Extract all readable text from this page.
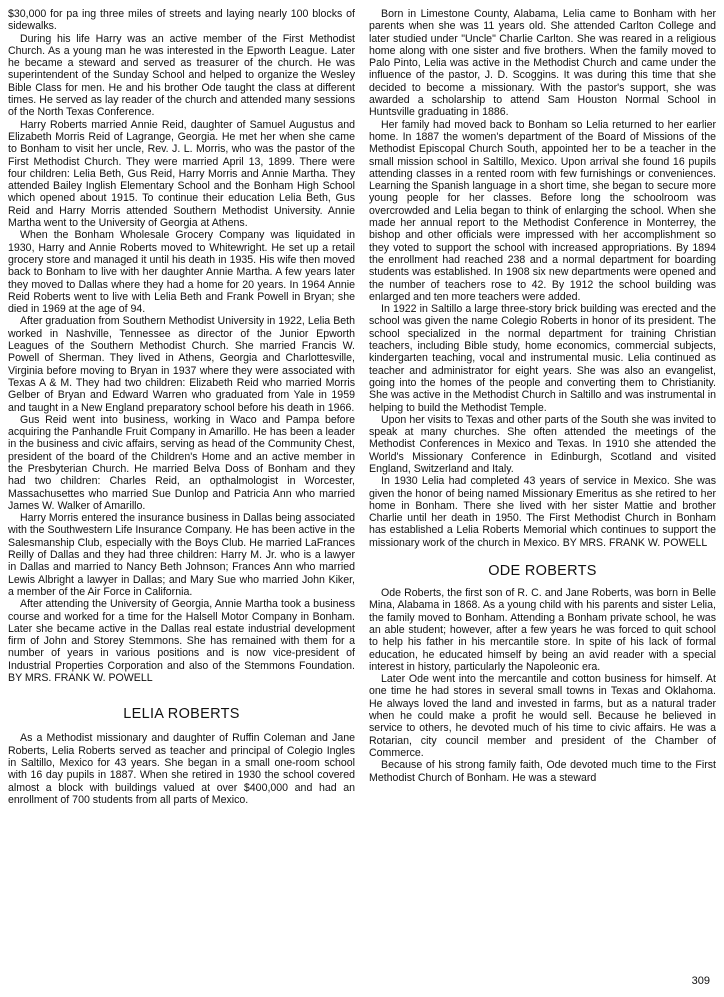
$30,000 for pa ing three miles of streets and laying nearly 100 blocks of sidewalks.

During his life Harry was an active member of the First Methodist Church. As a young man he was interested in the Epworth League. Later he became a steward and served as treasurer of the church. He was superintendent of the Sunday School and helped to organize the Wesley Bible Class for men. He and his brother Ode taught the class at different times. He served as lay reader of the church and attended many sessions of the North Texas Conference.

Harry Roberts married Annie Reid, daughter of Samuel Augustus and Elizabeth Morris Reid of Lagrange, Georgia. He met her when she came to Bonham to visit her uncle, Rev. J. L. Morris, who was the pastor of the First Methodist Church. They were married April 13, 1899. There were four children: Lelia Beth, Gus Reid, Harry Morris and Annie Martha. They attended Bailey Inglish Elementary School and the Bonham High School which opened about 1915. To continue their education Lelia Beth, Gus Reid and Harry Morris attended Southern Methodist University. Annie Martha went to the University of Georgia at Athens.

When the Bonham Wholesale Grocery Company was liquidated in 1930, Harry and Annie Roberts moved to Whitewright. He set up a retail grocery store and managed it until his death in 1935. His wife then moved back to Bonham to live with her daughter Annie Martha. A few years later they moved to Dallas where they had a home for 20 years. In 1964 Annie Reid Roberts went to live with Lelia Beth and Frank Powell in Bryan; she died in 1969 at the age of 94.

After graduation from Southern Methodist University in 1922, Lelia Beth worked in Nashville, Tennessee as director of the Junior Epworth Leagues of the Southern Methodist Church. She married Francis W. Powell of Sherman. They lived in Athens, Georgia and Charlottesville, Virginia before moving to Bryan in 1937 where they were associated with Texas A & M. They had two children: Elizabeth Reid who married Morris Gelber of Bryan and Edward Warren who graduated from Yale in 1959 and taught in a New England preparatory school before his death in 1966.

Gus Reid went into business, working in Waco and Pampa before acquiring the Panhandle Fruit Company in Amarillo. He has been a leader in the business and civic affairs, serving as head of the Community Chest, president of the board of the Children's Home and an active member in the Presbyterian Church. He married Belva Doss of Bonham and they had two children: Charles Reid, an opthalmologist in Worcester, Massachusettes who married Sue Dunlop and Patricia Ann who married James W. Walker of Amarillo.

Harry Morris entered the insurance business in Dallas being associated with the Southwestern Life Insurance Company. He has been active in the Salesmanship Club, especially with the Boys Club. He married LaFrances Reilly of Dallas and they had three children: Harry M. Jr. who is a lawyer in Dallas and married to Nancy Beth Johnson; Frances Ann who married Lewis Albright a lawyer in Dallas; and Mary Sue who married John Kiker, a member of the Air Force in California.

After attending the University of Georgia, Annie Martha took a business course and worked for a time for the Halsell Motor Company in Bonham. Later she became active in the Dallas real estate industrial development firm of John and Storey Stemmons. She has remained with them for a number of years in various positions and is now vice-president of Industrial Properties Corporation and also of the Stemmons Foundation. BY MRS. FRANK W. POWELL

LELIA ROBERTS

As a Methodist missionary and daughter of Ruffin Coleman and Jane Roberts, Lelia Roberts served as teacher and principal of Colegio Ingles in Saltillo, Mexico for 43 years. She began in a small one-room school with 16 day pupils in 1887. When she retired in 1930 the school covered almost a block with buildings valued at over $400,000 and had an enrollment of 700 students from all parts of Mexico.

Born in Limestone County, Alabama, Lelia came to Bonham with her parents when she was 11 years old. She attended Carlton College and later studied under "Uncle" Charlie Carlton. She was reared in a religious home along with one sister and five brothers. When the family moved to Palo Pinto, Lelia was active in the Methodist Church and came under the influence of the pastor, J. D. Scoggins. It was during this time that she decided to become a missionary. With the pastor's support, she was awarded a scholarship to attend Sam Houston Normal School in Huntsville graduating in 1886.

Her family had moved back to Bonham so Lelia returned to her earlier home. In 1887 the women's department of the Board of Missions of the Methodist Episcopal Church South, appointed her to be a teacher in the small mission school in Saltillo, Mexico. Upon arrival she found 16 pupils attending classes in a rented room with few furnishings or conveniences. Learning the Spanish language in a short time, she began to secure more young people for her classes. Before long the schoolroom was overcrowded and Lelia began to think of enlarging the school. When she made her annual report to the Methodist Conference in Monterrey, the bishop and other officials were impressed with her accomplishment so they voted to support the school with increased appropriations. By 1894 the enrollment had reached 238 and a normal department for boarding students was established. In 1908 six new departments were opened and the number of teachers rose to 42. By 1912 the school building was enlarged and ten more teachers were added.

In 1922 in Saltillo a large three-story brick building was erected and the school was given the name Colegio Roberts in honor of its president. The school specialized in the normal department for training Christian teachers, including Bible study, home economics, commercial subjects, kindergarten teaching, vocal and instrumental music. Lelia continued as teacher and administrator for eight years. She was also an evangelist, going into the homes of the people and converting them to Christianity. She was active in the Methodist Church in Saltillo and was instrumental in helping to build the Methodist Temple.

Upon her visits to Texas and other parts of the South she was invited to speak at many churches. She often attended the meetings of the Methodist Conferences in Mexico and Texas. In 1910 she attended the World's Missionary Conference in Edinburgh, Scotland and visited England, Switzerland and Italy.

In 1930 Lelia had completed 43 years of service in Mexico. She was given the honor of being named Missionary Emeritus as she retired to her home in Bonham. There she lived with her sister Mattie and brother Charlie until her death in 1950. The First Methodist Church in Bonham has established a Lelia Roberts Memorial which continues to support the missionary work of the church in Mexico. BY MRS. FRANK W. POWELL

ODE ROBERTS

Ode Roberts, the first son of R. C. and Jane Roberts, was born in Belle Mina, Alabama in 1868. As a young child with his parents and sister Lelia, the family moved to Bonham. Attending a Bonham private school, he was an able student; however, after a few years he was forced to quit school to help his father in his mercantile store. In spite of his lack of formal education, he educated himself by being an avid reader with a special interest in history, particularly the Napoleonic era.

Later Ode went into the mercantile and cotton business for himself. At one time he had stores in several small towns in Texas and Oklahoma. He always loved the land and invested in farms, but as a natural trader when he could make a profit he would sell. Because he believed in service to others, he devoted much of his time to civic affairs. He was a Rotarian, city council member and president of the Chamber of Commerce.

Because of his strong family faith, Ode devoted much time to the First Methodist Church of Bonham. He was a steward

309
